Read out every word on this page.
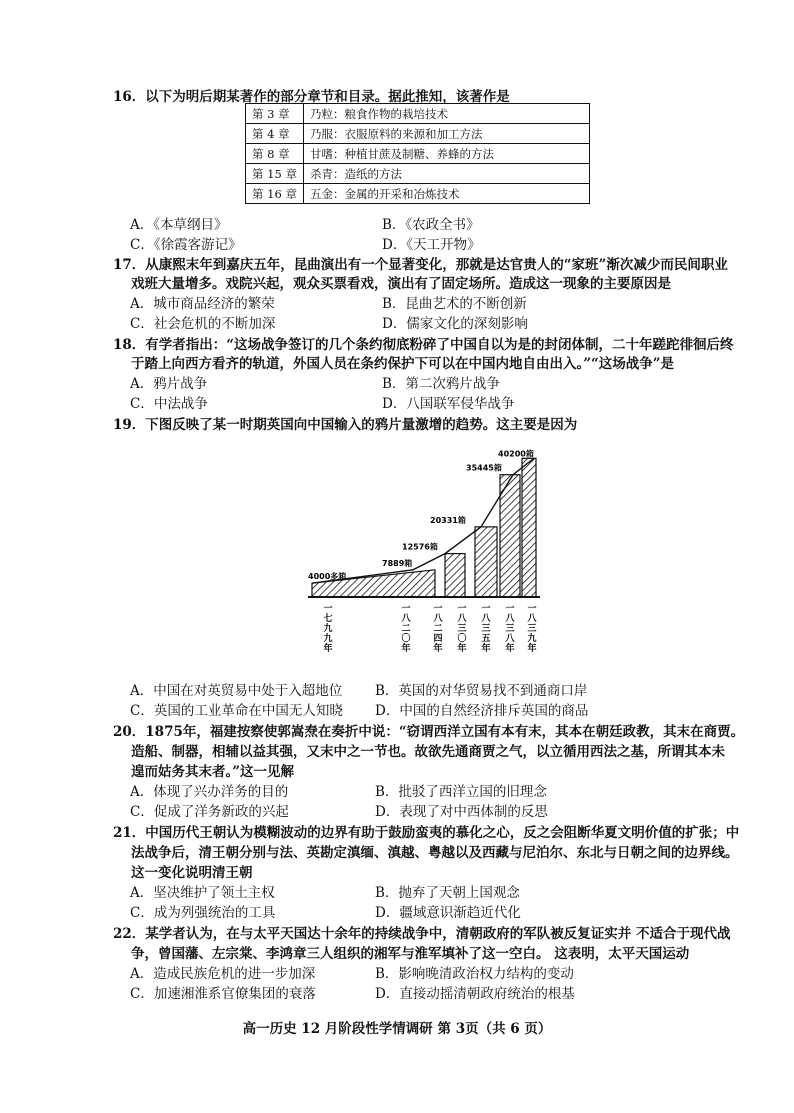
16．以下为明后期某著作的部分章节和目录。据此推知，该著作是
第 3 章	乃粒：粮食作物的栽培技术
第 4 章	乃服：衣服原料的来源和加工方法
第 8 章	甘嗜：种植甘蔗及制糖、养蜂的方法
第 15 章	杀青：造纸的方法
第 16 章	五金：金属的开采和冶炼技术
A．《本草纲目》	B．《农政全书》
C．《徐霞客游记》	D．《天工开物》
17．从康熙末年到嘉庆五年，昆曲演出有一个显著变化，那就是达官贵人的“家班”渐次减少而民间职业
戏班大量增多。戏院兴起，观众买票看戏，演出有了固定场所。造成这一现象的主要原因是
A．城市商品经济的繁荣	B．昆曲艺术的不断创新
C．社会危机的不断加深	D．儒家文化的深刻影响
18．有学者指出：“这场战争签订的几个条约彻底粉碎了中国自以为是的封闭体制，二十年蹉跎徘徊后终
于踏上向西方看齐的轨道，外国人员在条约保护下可以在中国内地自由出入。”“这场战争”是
A．鸦片战争	B．第二次鸦片战争
C．中法战争	D．八国联军侵华战争
19．下图反映了某一时期英国向中国输入的鸦片量激增的趋势。这主要是因为
4000多箱
7889箱
12576箱
20331箱
35445箱
40200箱
一七九九年
一八二〇年
一八二四年
一八三〇年
一八三五年
一八三八年
一八三九年
A．中国在对英贸易中处于入超地位 B．英国的对华贸易找不到通商口岸
C．英国的工业革命在中国无人知晓 D．中国的自然经济排斥英国的商品
20．1875年，福建按察使郭嵩焘在奏折中说：“窃谓西洋立国有本有末，其本在朝廷政教，其末在商贾。
造船、制器，相辅以益其强，又末中之一节也。故欲先通商贾之气，以立循用西法之基，所谓其本未
遑而姑务其末者。”这一见解
A．体现了兴办洋务的目的	B．批驳了西洋立国的旧理念
C．促成了洋务新政的兴起	D．表现了对中西体制的反思
21．中国历代王朝认为模糊波动的边界有助于鼓励蛮夷的慕化之心，反之会阻断华夏文明价值的扩张；中
法战争后，清王朝分别与法、英勘定滇缅、滇越、粤越以及西藏与尼泊尔、东北与日朝之间的边界线。
这一变化说明清王朝
A．坚决维护了领土主权	B．抛弃了天朝上国观念
C．成为列强统治的工具	D．疆域意识渐趋近代化
22．某学者认为，在与太平天国达十余年的持续战争中，清朝政府的军队被反复证实并 不适合于现代战
争，曾国藩、左宗棠、李鸿章三人组织的湘军与淮军填补了这一空白。 这表明，太平天国运动
A．造成民族危机的进一步加深	B．影响晚清政治权力结构的变动
C．加速湘淮系官僚集团的衰落	D．直接动摇清朝政府统治的根基
高一历史 12 月阶段性学情调研 第 3页（共 6 页）
